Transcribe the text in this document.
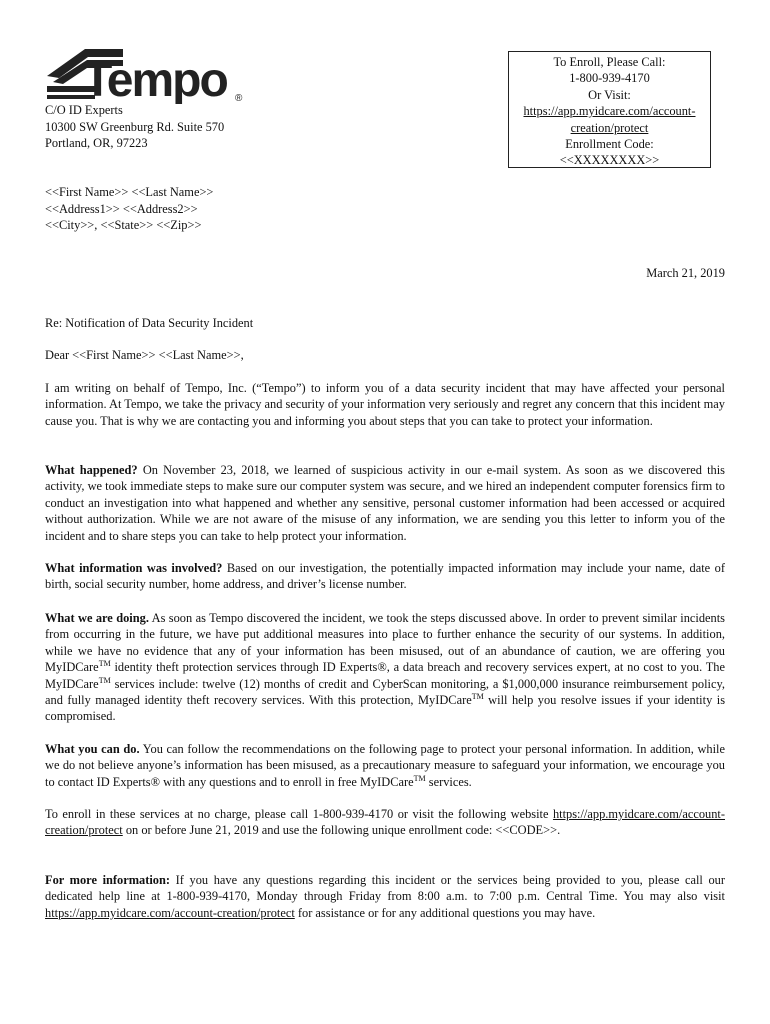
Tempo ®
C/O ID Experts
10300 SW Greenburg Rd. Suite 570
Portland, OR, 97223
To Enroll, Please Call:
1-800-939-4170
Or Visit:
https://app.myidcare.com/account-
creation/protect
Enrollment Code:
<<XXXXXXXX>>
<<First Name>> <<Last Name>>
<<Address1>> <<Address2>>
<<City>>, <<State>> <<Zip>>
March 21, 2019
Re: Notification of Data Security Incident
Dear <<First Name>> <<Last Name>>,
I am writing on behalf of Tempo, Inc. (“Tempo”) to inform you of a data security incident that may have affected your personal information. At Tempo, we take the privacy and security of your information very seriously and regret any concern that this incident may cause you. That is why we are contacting you and informing you about steps that you can take to protect your information.
What happened? On November 23, 2018, we learned of suspicious activity in our e-mail system. As soon as we discovered this activity, we took immediate steps to make sure our computer system was secure, and we hired an independent computer forensics firm to conduct an investigation into what happened and whether any sensitive, personal customer information had been accessed or acquired without authorization. While we are not aware of the misuse of any information, we are sending you this letter to inform you of the incident and to share steps you can take to help protect your information.
What information was involved? Based on our investigation, the potentially impacted information may include your name, date of birth, social security number, home address, and driver’s license number.
What we are doing. As soon as Tempo discovered the incident, we took the steps discussed above. In order to prevent similar incidents from occurring in the future, we have put additional measures into place to further enhance the security of our systems. In addition, while we have no evidence that any of your information has been misused, out of an abundance of caution, we are offering you MyIDCare™ identity theft protection services through ID Experts®, a data breach and recovery services expert, at no cost to you. The MyIDCare™ services include: twelve (12) months of credit and CyberScan monitoring, a $1,000,000 insurance reimbursement policy, and fully managed identity theft recovery services. With this protection, MyIDCare™ will help you resolve issues if your identity is compromised.
What you can do. You can follow the recommendations on the following page to protect your personal information. In addition, while we do not believe anyone’s information has been misused, as a precautionary measure to safeguard your information, we encourage you to contact ID Experts® with any questions and to enroll in free MyIDCare™ services.
To enroll in these services at no charge, please call 1-800-939-4170 or visit the following website https://app.myidcare.com/account-creation/protect on or before June 21, 2019 and use the following unique enrollment code: <<CODE>>.
For more information: If you have any questions regarding this incident or the services being provided to you, please call our dedicated help line at 1-800-939-4170, Monday through Friday from 8:00 a.m. to 7:00 p.m. Central Time. You may also visit https://app.myidcare.com/account-creation/protect for assistance or for any additional questions you may have.
